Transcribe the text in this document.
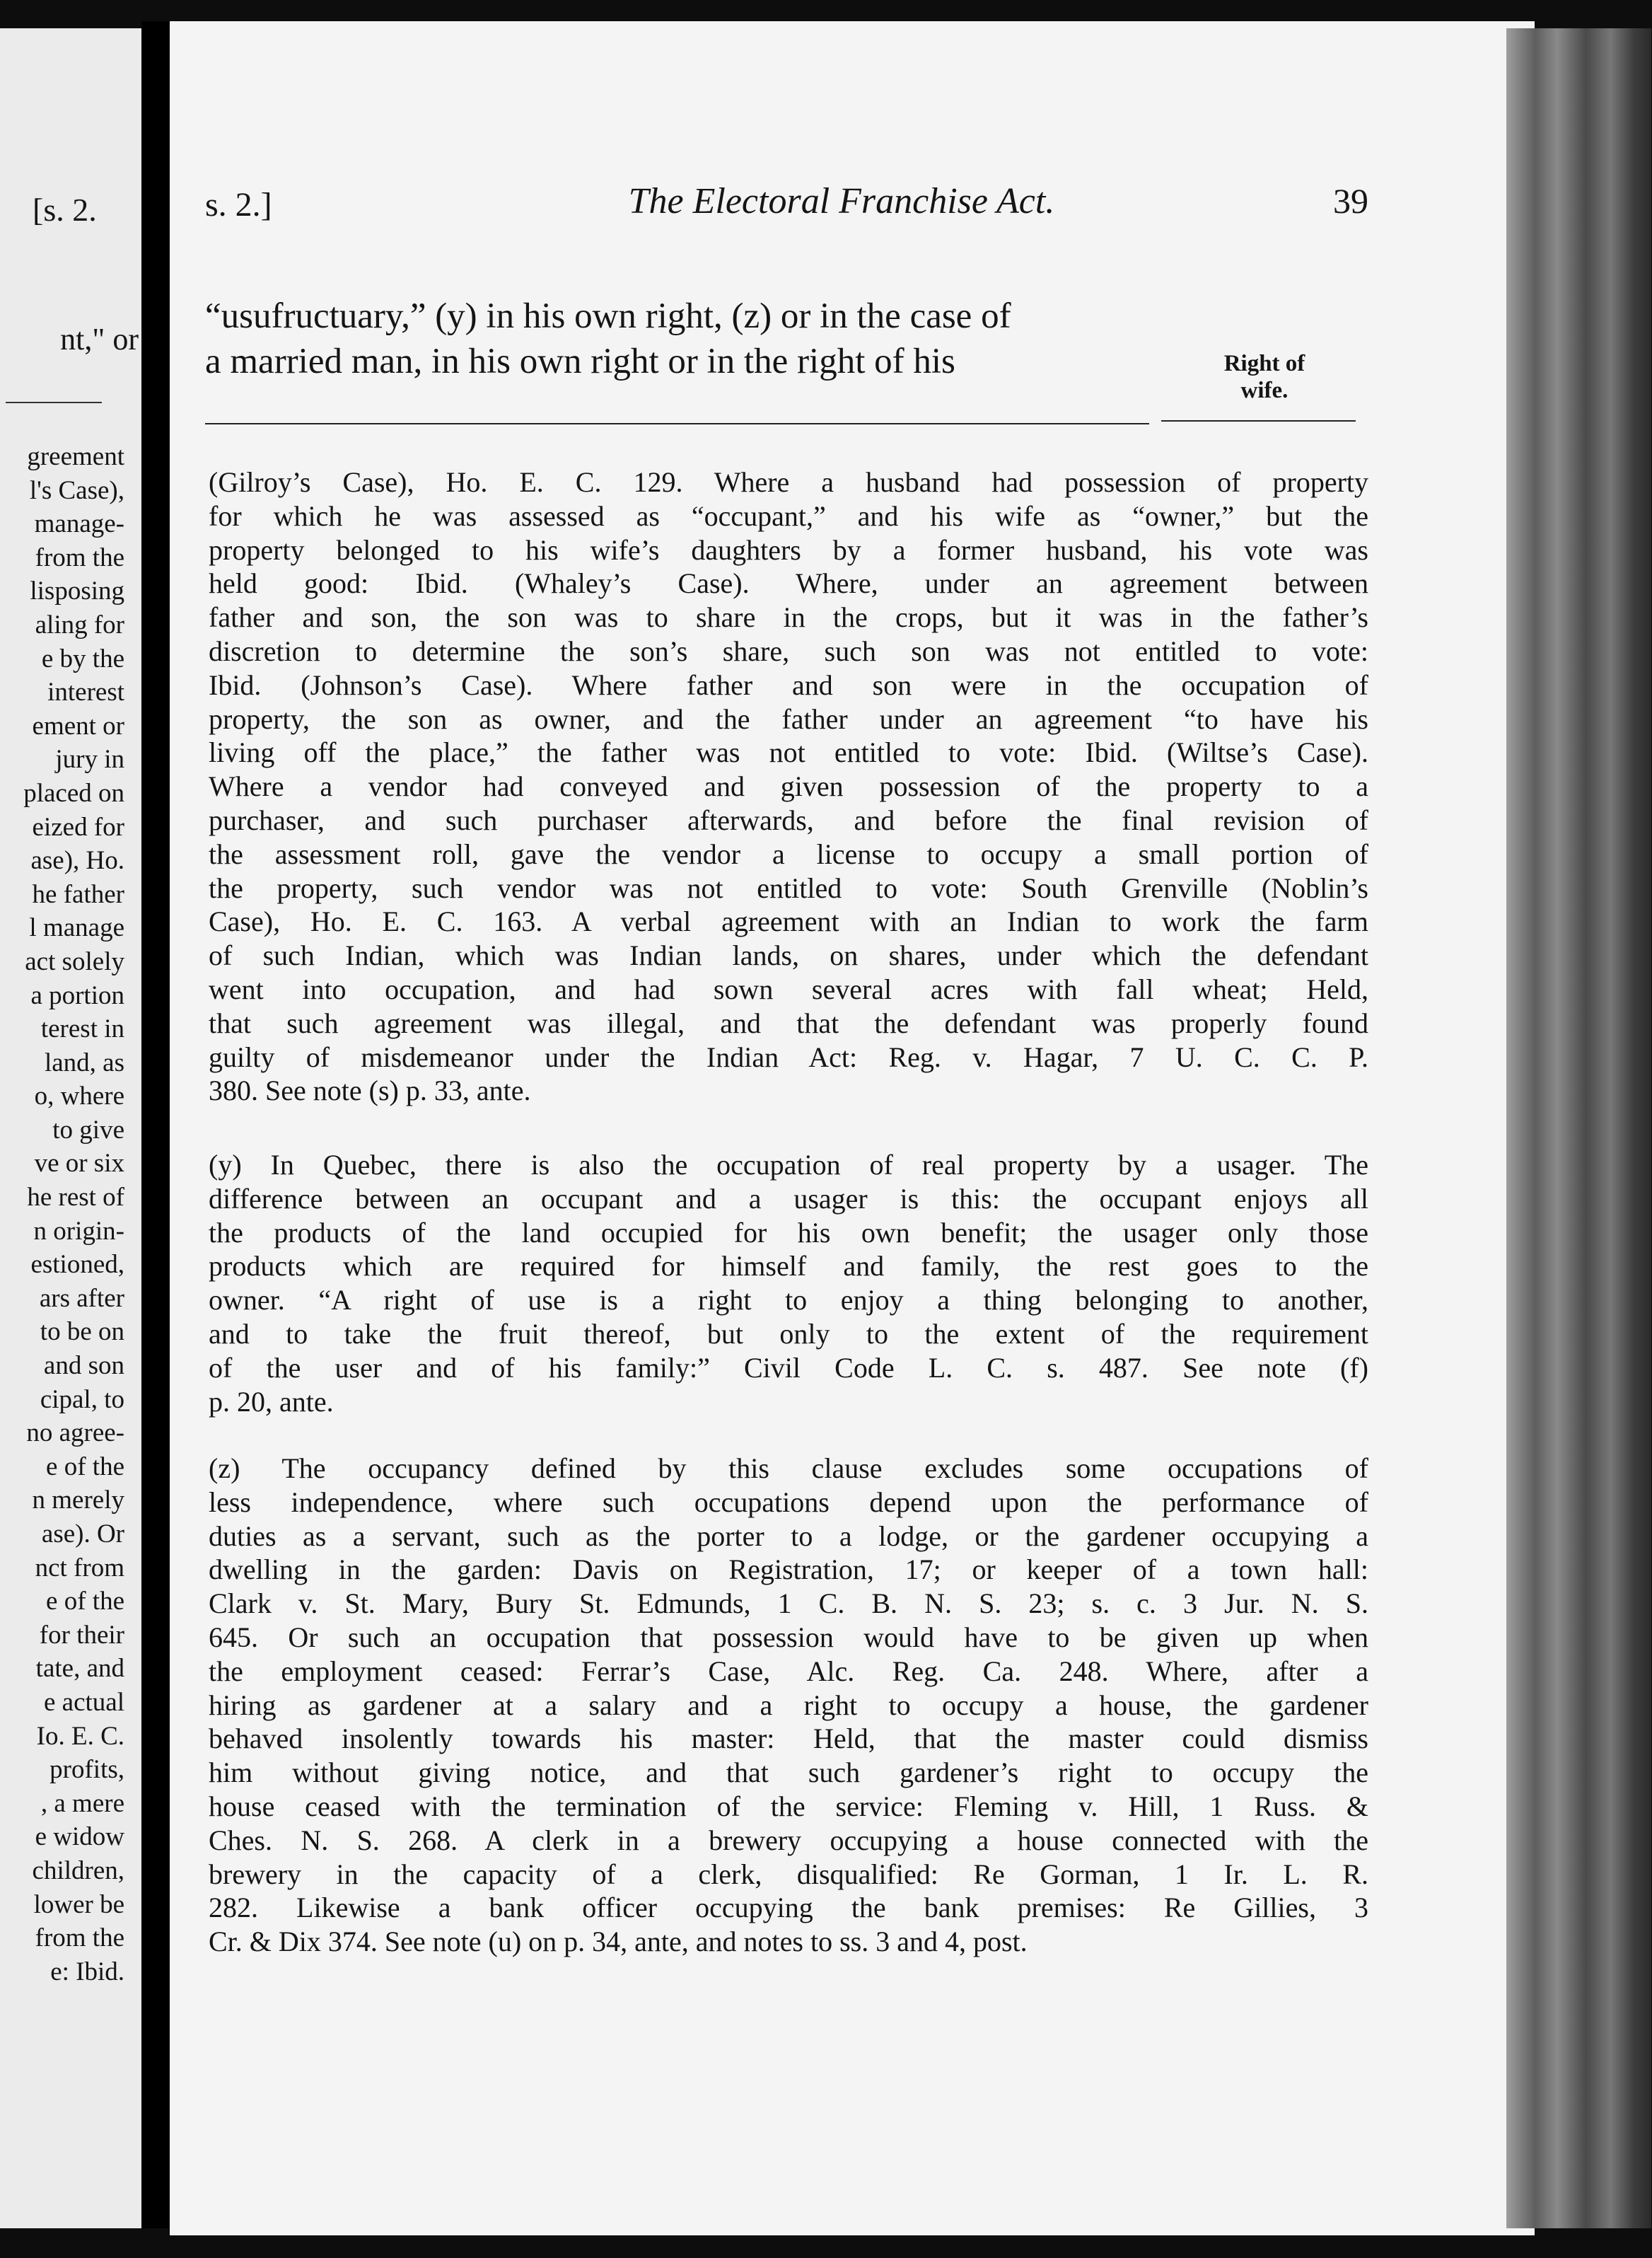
[s. 2.
nt," or
greement
l's Case),
manage-
from the
lisposing
aling for
e by the
interest
ement or
jury in
placed on
eized for
ase), Ho.
he father
l manage
act solely
a portion
terest in
land, as
o, where
to give
ve or six
he rest of
n origin-
estioned,
ars after
to be on
and son
cipal, to
no agree-
e of the
n merely
ase). Or
nct from
e of the
for their
tate, and
e actual
Io. E. C.
profits,
, a mere
e widow
children,
lower be
from the
e: Ibid.
s. 2.]	The Electoral Franchise Act.	39
“usufructuary,” (y) in his own right, (z) or in the case of
a married man, in his own right or in the right of his	Right of wife.
(Gilroy’s Case), Ho. E. C. 129. Where a husband had possession of property
for which he was assessed as “occupant,” and his wife as “owner,” but the
property belonged to his wife’s daughters by a former husband, his vote was
held good: Ibid. (Whaley’s Case). Where, under an agreement between
father and son, the son was to share in the crops, but it was in the father’s
discretion to determine the son’s share, such son was not entitled to vote:
Ibid. (Johnson’s Case). Where father and son were in the occupation of
property, the son as owner, and the father under an agreement “to have his
living off the place,” the father was not entitled to vote: Ibid. (Wiltse’s Case).
Where a vendor had conveyed and given possession of the property to a
purchaser, and such purchaser afterwards, and before the final revision of
the assessment roll, gave the vendor a license to occupy a small portion of
the property, such vendor was not entitled to vote: South Grenville (Noblin’s
Case), Ho. E. C. 163. A verbal agreement with an Indian to work the farm
of such Indian, which was Indian lands, on shares, under which the defendant
went into occupation, and had sown several acres with fall wheat; Held,
that such agreement was illegal, and that the defendant was properly found
guilty of misdemeanor under the Indian Act: Reg. v. Hagar, 7 U. C. C. P.
380. See note (s) p. 33, ante.
(y) In Quebec, there is also the occupation of real property by a usager. The
difference between an occupant and a usager is this: the occupant enjoys all
the products of the land occupied for his own benefit; the usager only those
products which are required for himself and family, the rest goes to the
owner. “A right of use is a right to enjoy a thing belonging to another,
and to take the fruit thereof, but only to the extent of the requirement
of the user and of his family:” Civil Code L. C. s. 487. See note (f)
p. 20, ante.
(z) The occupancy defined by this clause excludes some occupations of
less independence, where such occupations depend upon the performance of
duties as a servant, such as the porter to a lodge, or the gardener occupying a
dwelling in the garden: Davis on Registration, 17; or keeper of a town hall:
Clark v. St. Mary, Bury St. Edmunds, 1 C. B. N. S. 23; s. c. 3 Jur. N. S.
645. Or such an occupation that possession would have to be given up when
the employment ceased: Ferrar’s Case, Alc. Reg. Ca. 248. Where, after a
hiring as gardener at a salary and a right to occupy a house, the gardener
behaved insolently towards his master: Held, that the master could dismiss
him without giving notice, and that such gardener’s right to occupy the
house ceased with the termination of the service: Fleming v. Hill, 1 Russ. &
Ches. N. S. 268. A clerk in a brewery occupying a house connected with the
brewery in the capacity of a clerk, disqualified: Re Gorman, 1 Ir. L. R.
282. Likewise a bank officer occupying the bank premises: Re Gillies, 3
Cr. & Dix 374. See note (u) on p. 34, ante, and notes to ss. 3 and 4, post.
